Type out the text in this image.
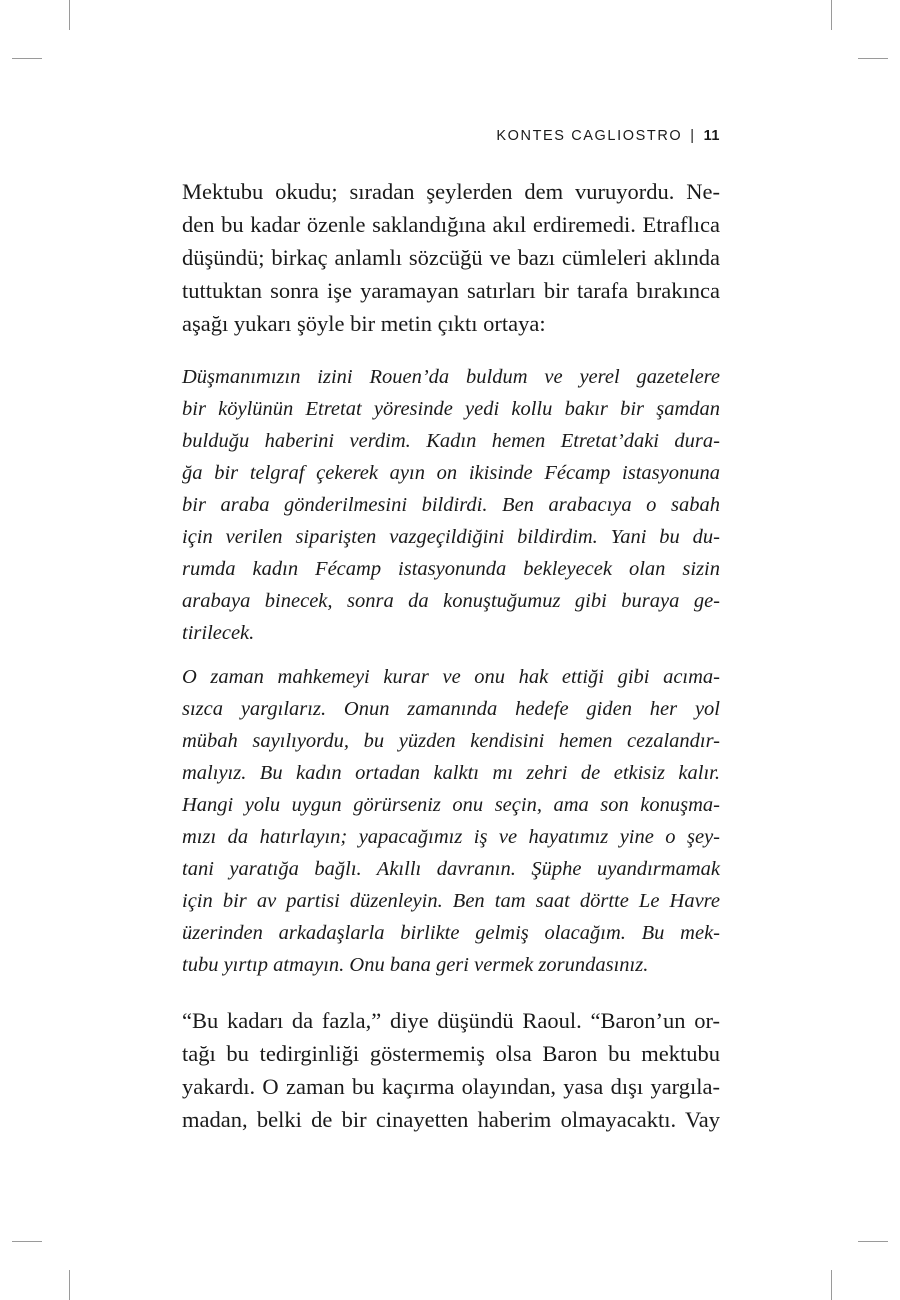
KONTES CAGLIOSTRO | 11
Mektubu okudu; sıradan şeylerden dem vuruyordu. Ne-
den bu kadar özenle saklandığına akıl erdiremedi. Etraflıca
düşündü; birkaç anlamlı sözcüğü ve bazı cümleleri aklında
tuttuktan sonra işe yaramayan satırları bir tarafa bırakınca
aşağı yukarı şöyle bir metin çıktı ortaya:
Düşmanımızın izini Rouen’da buldum ve yerel gazetelere
bir köylünün Etretat yöresinde yedi kollu bakır bir şamdan
bulduğu haberini verdim. Kadın hemen Etretat’daki dura-
ğa bir telgraf çekerek ayın on ikisinde Fécamp istasyonuna
bir araba gönderilmesini bildirdi. Ben arabacıya o sabah
için verilen siparişten vazgeçildiğini bildirdim. Yani bu du-
rumda kadın Fécamp istasyonunda bekleyecek olan sizin
arabaya binecek, sonra da konuştuğumuz gibi buraya ge-
tirilecek.
O zaman mahkemeyi kurar ve onu hak ettiği gibi acıma-
sızca yargılarız. Onun zamanında hedefe giden her yol
mübah sayılıyordu, bu yüzden kendisini hemen cezalandır-
malıyız. Bu kadın ortadan kalktı mı zehri de etkisiz kalır.
Hangi yolu uygun görürseniz onu seçin, ama son konuşma-
mızı da hatırlayın; yapacağımız iş ve hayatımız yine o şey-
tani yaratığa bağlı. Akıllı davranın. Şüphe uyandırmamak
için bir av partisi düzenleyin. Ben tam saat dörtte Le Havre
üzerinden arkadaşlarla birlikte gelmiş olacağım. Bu mek-
tubu yırtıp atmayın. Onu bana geri vermek zorundasınız.
“Bu kadarı da fazla,” diye düşündü Raoul. “Baron’un or-
tağı bu tedirginliği göstermemiş olsa Baron bu mektubu
yakardı. O zaman bu kaçırma olayından, yasa dışı yargıla-
madan, belki de bir cinayetten haberim olmayacaktı. Vay
